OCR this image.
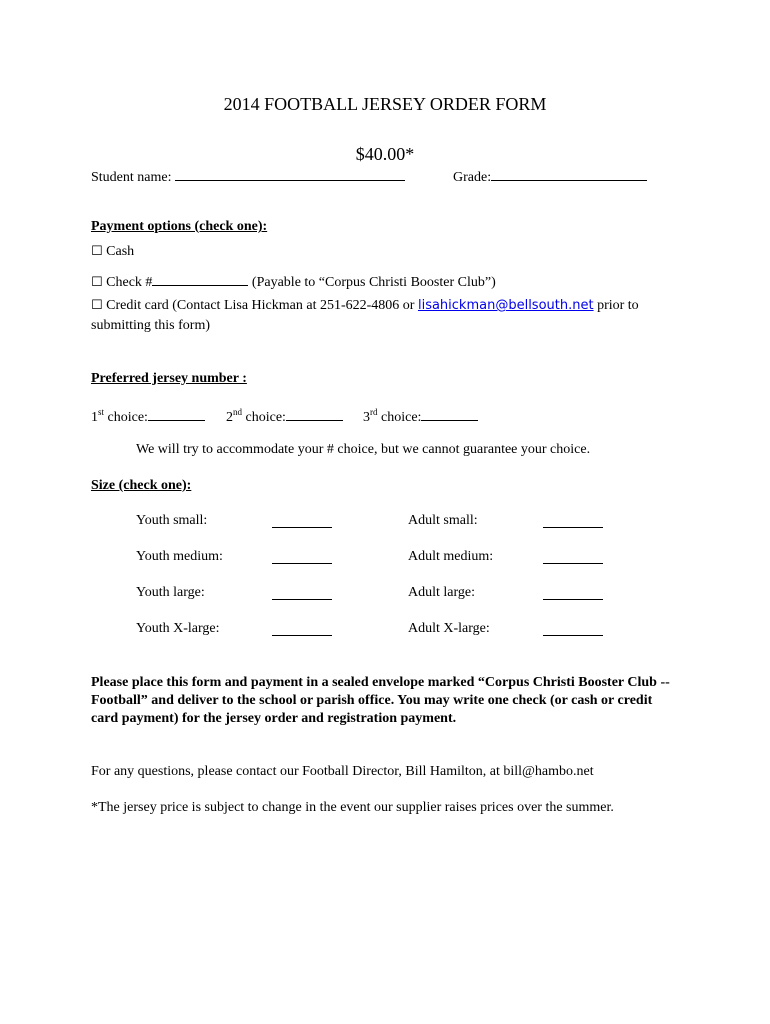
2014 FOOTBALL JERSEY ORDER FORM
$40.00*
Student name:	Grade:
Payment options (check one):
☐ Cash
☐ Check #	(Payable to “Corpus Christi Booster Club”)
☐ Credit card (Contact Lisa Hickman at 251-622-4806 or lisahickman@bellsouth.net prior to
submitting this form)
Preferred jersey number :
1st choice:	2nd choice:	3rd choice:
We will try to accommodate your # choice, but we cannot guarantee your choice.
Size (check one):
Youth small:	Adult small:
Youth medium:	Adult medium:
Youth large:	Adult large:
Youth X-large:	Adult X-large:
Please place this form and payment in a sealed envelope marked “Corpus Christi Booster Club -- Football” and deliver to the school or parish office. You may write one check (or cash or credit card payment) for the jersey order and registration payment.
For any questions, please contact our Football Director, Bill Hamilton, at bill@hambo.net
*The jersey price is subject to change in the event our supplier raises prices over the summer.
